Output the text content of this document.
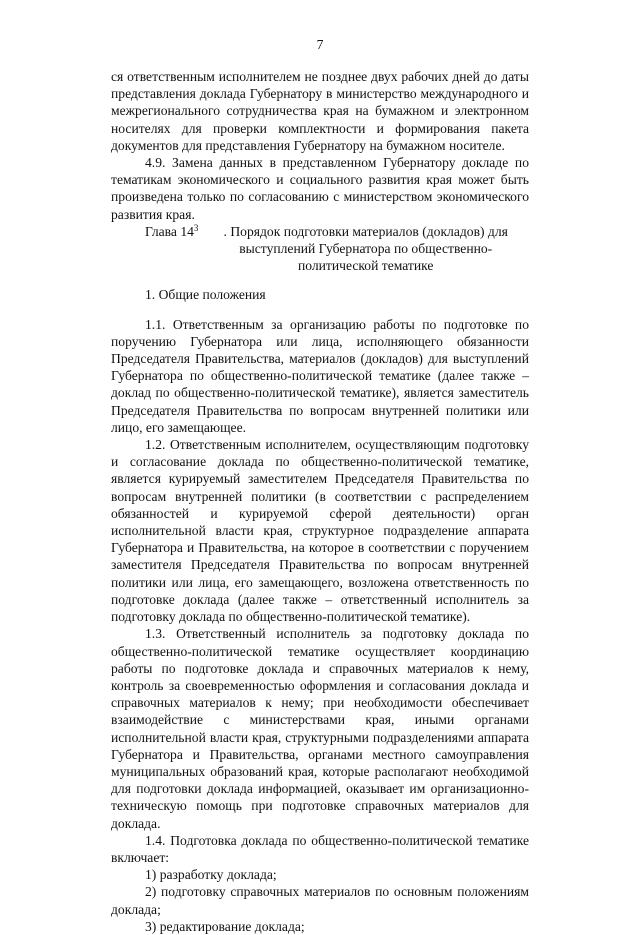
7

ся ответственным исполнителем не позднее двух рабочих дней до даты представления доклада Губернатору в министерство международного и межрегионального сотрудничества края на бумажном и электронном носителях для проверки комплектности и формирования пакета документов для представления Губернатору на бумажном носителе.

4.9. Замена данных в представленном Губернатору докладе по тематикам экономического и социального развития края может быть произведена только по согласованию с министерством экономического развития края.

Глава $14^3$	. Порядок подготовки материалов (докладов) для выступлений Губернатора по общественно-политической тематике

1. Общие положения

1.1. Ответственным за организацию работы по подготовке по поручению Губернатора или лица, исполняющего обязанности Председателя Правительства, материалов (докладов) для выступлений Губернатора по общественно-политической тематике (далее также – доклад по общественно-политической тематике), является заместитель Председателя Правительства по вопросам внутренней политики или лицо, его замещающее.

1.2. Ответственным исполнителем, осуществляющим подготовку и согласование доклада по общественно-политической тематике, является курируемый заместителем Председателя Правительства по вопросам внутренней политики (в соответствии с распределением обязанностей и курируемой сферой деятельности) орган исполнительной власти края, структурное подразделение аппарата Губернатора и Правительства, на которое в соответствии с поручением заместителя Председателя Правительства по вопросам внутренней политики или лица, его замещающего, возложена ответственность по подготовке доклада (далее также – ответственный исполнитель за подготовку доклада по общественно-политической тематике).

1.3. Ответственный исполнитель за подготовку доклада по общественно-политической тематике осуществляет координацию работы по подготовке доклада и справочных материалов к нему, контроль за своевременностью оформления и согласования доклада и справочных материалов к нему; при необходимости обеспечивает взаимодействие с министерствами края, иными органами исполнительной власти края, структурными подразделениями аппарата Губернатора и Правительства, органами местного самоуправления муниципальных образований края, которые располагают необходимой для подготовки доклада информацией, оказывает им организационно-техническую помощь при подготовке справочных материалов для доклада.

1.4. Подготовка доклада по общественно-политической тематике включает:

1) разработку доклада;

2) подготовку справочных материалов по основным положениям доклада;

3) редактирование доклада;
